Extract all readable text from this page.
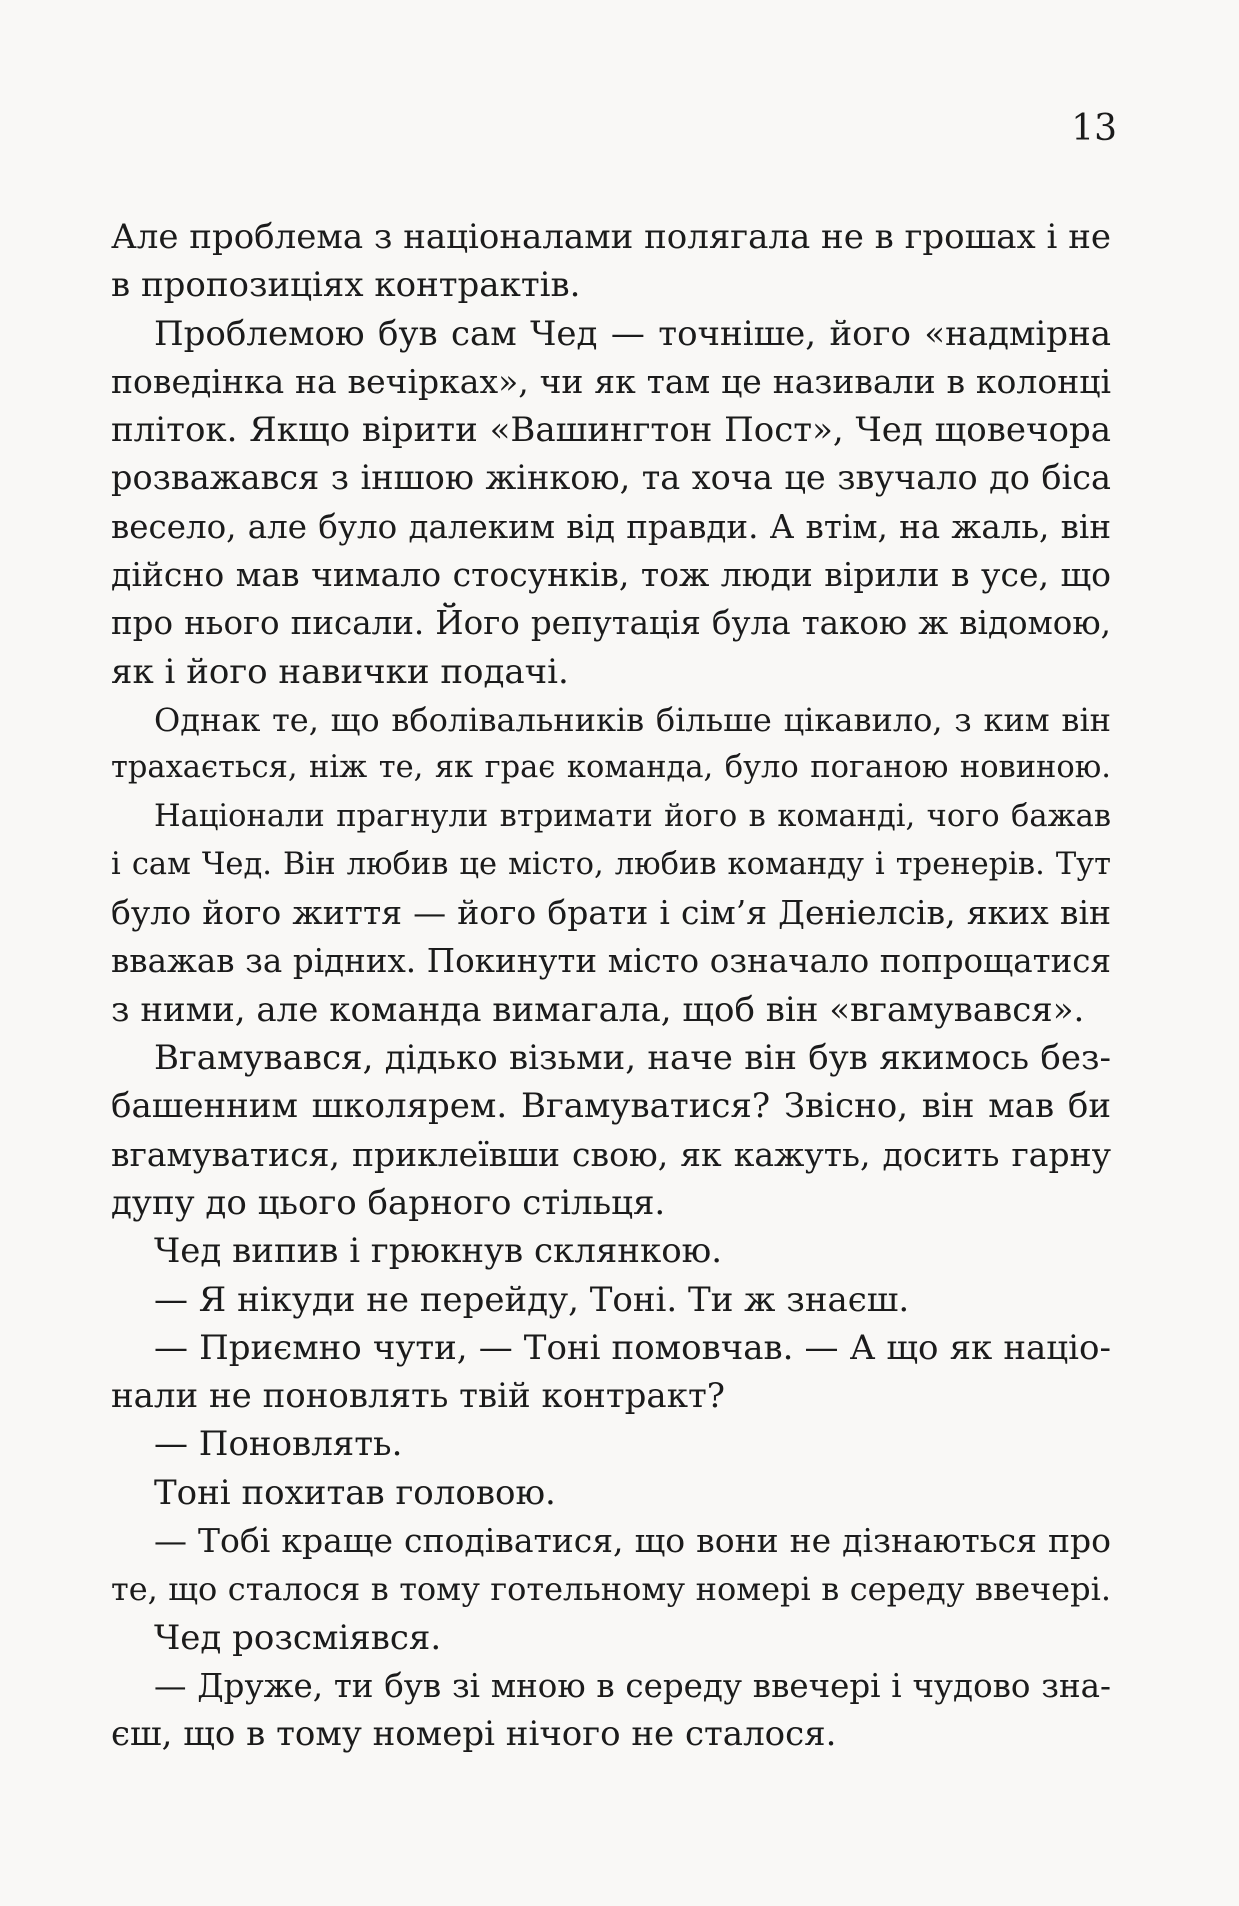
13
Але проблема з націоналами полягала не в грошах і не
в пропозиціях контрактів.
Проблемою був сам Чед — точніше, його «надмірна
поведінка на вечірках», чи як там це називали в колонці
пліток. Якщо вірити «Вашингтон Пост», Чед щовечора
розважався з іншою жінкою, та хоча це звучало до біса
весело, але було далеким від правди. А втім, на жаль, він
дійсно мав чимало стосунків, тож люди вірили в усе, що
про нього писали. Його репутація була такою ж відомою,
як і його навички подачі.
Однак те, що вболівальників більше цікавило, з ким він
трахається, ніж те, як грає команда, було поганою новиною.
Націонали прагнули втримати його в команді, чого бажав
і сам Чед. Він любив це місто, любив команду і тренерів. Тут
було його життя — його брати і сім’я Деніелсів, яких він
вважав за рідних. Покинути місто означало попрощатися
з ними, але команда вимагала, щоб він «вгамувався».
Вгамувався, дідько візьми, наче він був якимось без-
башенним школярем. Вгамуватися? Звісно, він мав би
вгамуватися, приклеївши свою, як кажуть, досить гарну
дупу до цього барного стільця.
Чед випив і грюкнув склянкою.
— Я нікуди не перейду, Тоні. Ти ж знаєш.
— Приємно чути, — Тоні помовчав. — А що як націо-
нали не поновлять твій контракт?
— Поновлять.
Тоні похитав головою.
— Тобі краще сподіватися, що вони не дізнаються про
те, що сталося в тому готельному номері в середу ввечері.
Чед розсміявся.
— Друже, ти був зі мною в середу ввечері і чудово зна-
єш, що в тому номері нічого не сталося.
